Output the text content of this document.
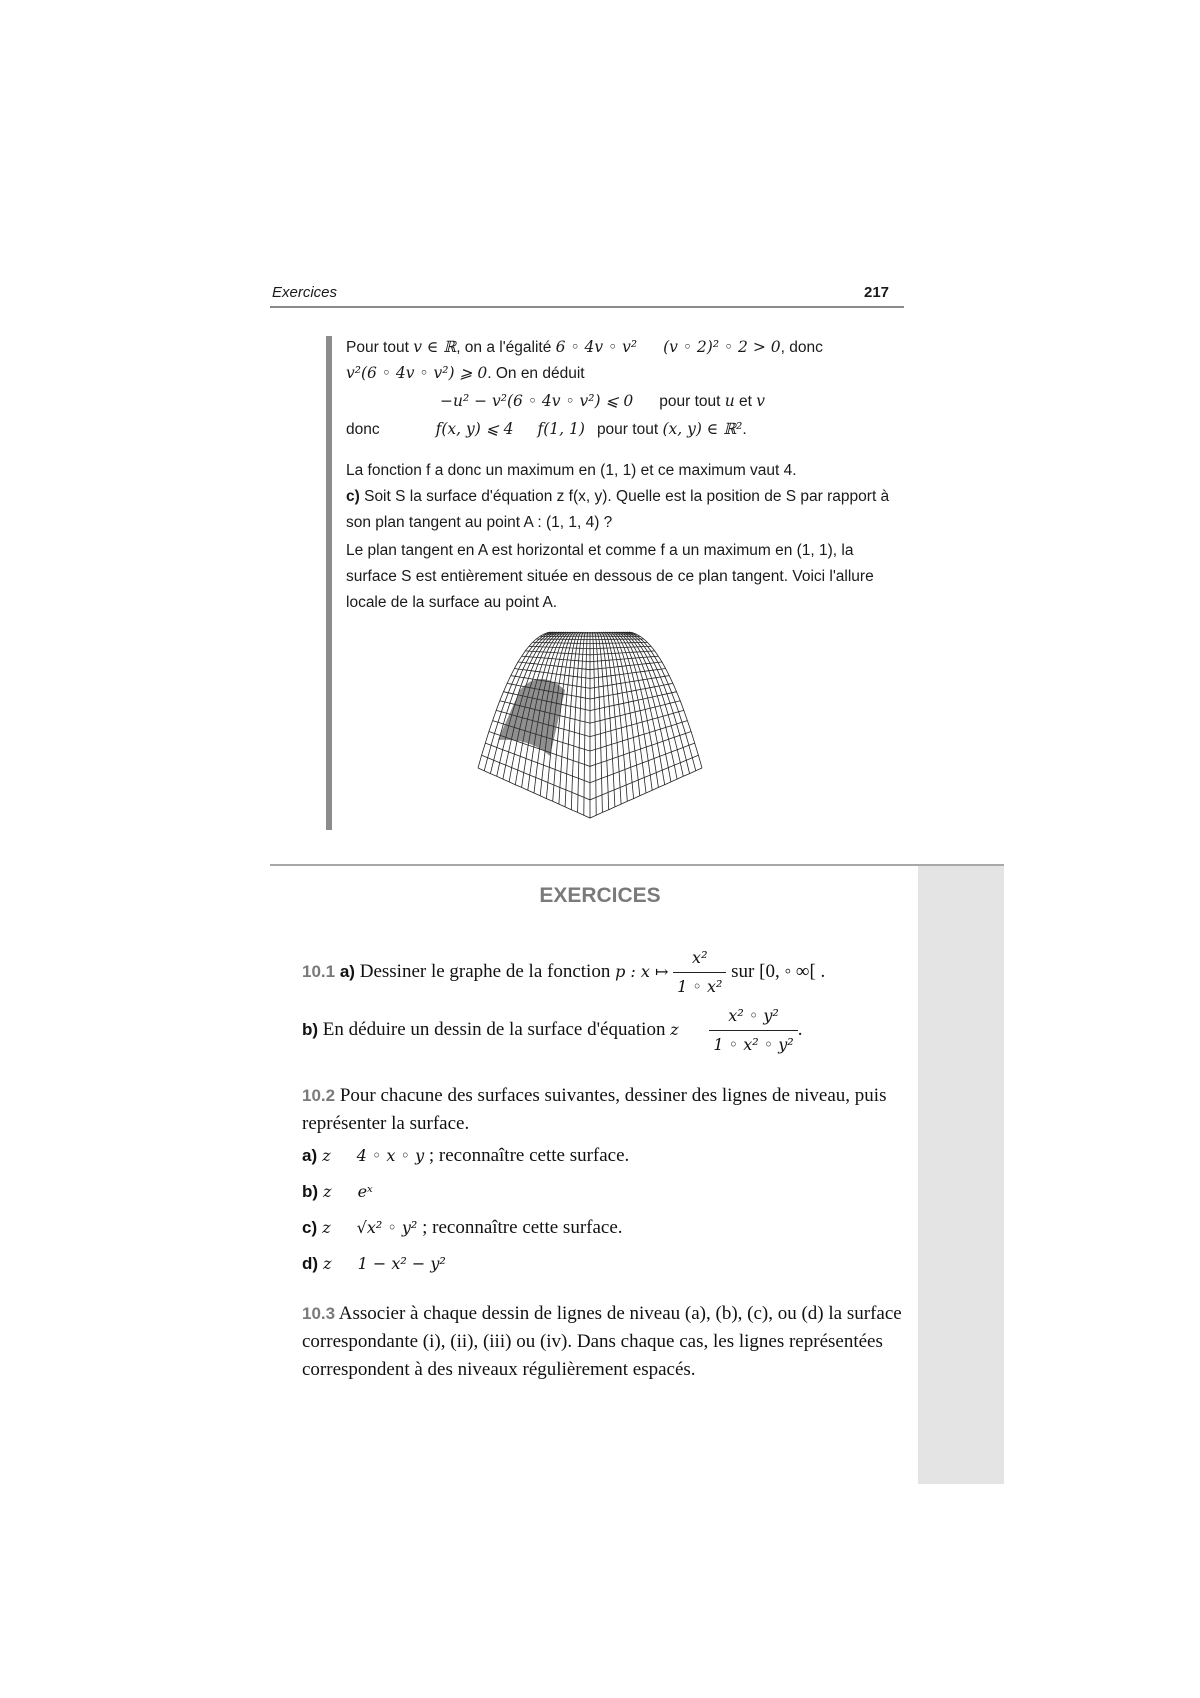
Exercices	217
Pour tout v ∈ ℝ, on a l'égalité 6 ◦ 4v ◦ v² (v ◦ 2)² ◦ 2 > 0, donc
v²(6 ◦ 4v ◦ v²) ⩾ 0. On en déduit
−u² − v²(6 ◦ 4v ◦ v²) ⩽ 0 pour tout u et v
donc	f(x, y) ⩽ 4 f(1, 1) pour tout (x, y) ∈ ℝ².
La fonction f a donc un maximum en (1, 1) et ce maximum vaut 4.
c) Soit S la surface d'équation z f(x, y). Quelle est la position de S par rapport à son plan tangent au point A : (1, 1, 4) ?
Le plan tangent en A est horizontal et comme f a un maximum en (1, 1), la surface S est entièrement située en dessous de ce plan tangent. Voici l'allure locale de la surface au point A.
EXERCICES
10.1 a) Dessiner le graphe de la fonction p : x ↦ $\frac{\text{x²}}{\text{1 ◦ x²}}$ sur [0, ◦ ∞[ .
b) En déduire un dessin de la surface d'équation z $\frac{\text{x² ◦ y²}}{\text{1 ◦ x² ◦ y²}}$ .
10.2 Pour chacune des surfaces suivantes, dessiner des lignes de niveau, puis représenter la surface.
a) z 4 ◦ x ◦ y ; reconnaître cette surface.
b) z eˣ
c) z √x² ◦ y² ; reconnaître cette surface.
d) z 1 − x² − y²
10.3 Associer à chaque dessin de lignes de niveau (a), (b), (c), ou (d) la surface correspondante (i), (ii), (iii) ou (iv). Dans chaque cas, les lignes représentées correspondent à des niveaux régulièrement espacés.
